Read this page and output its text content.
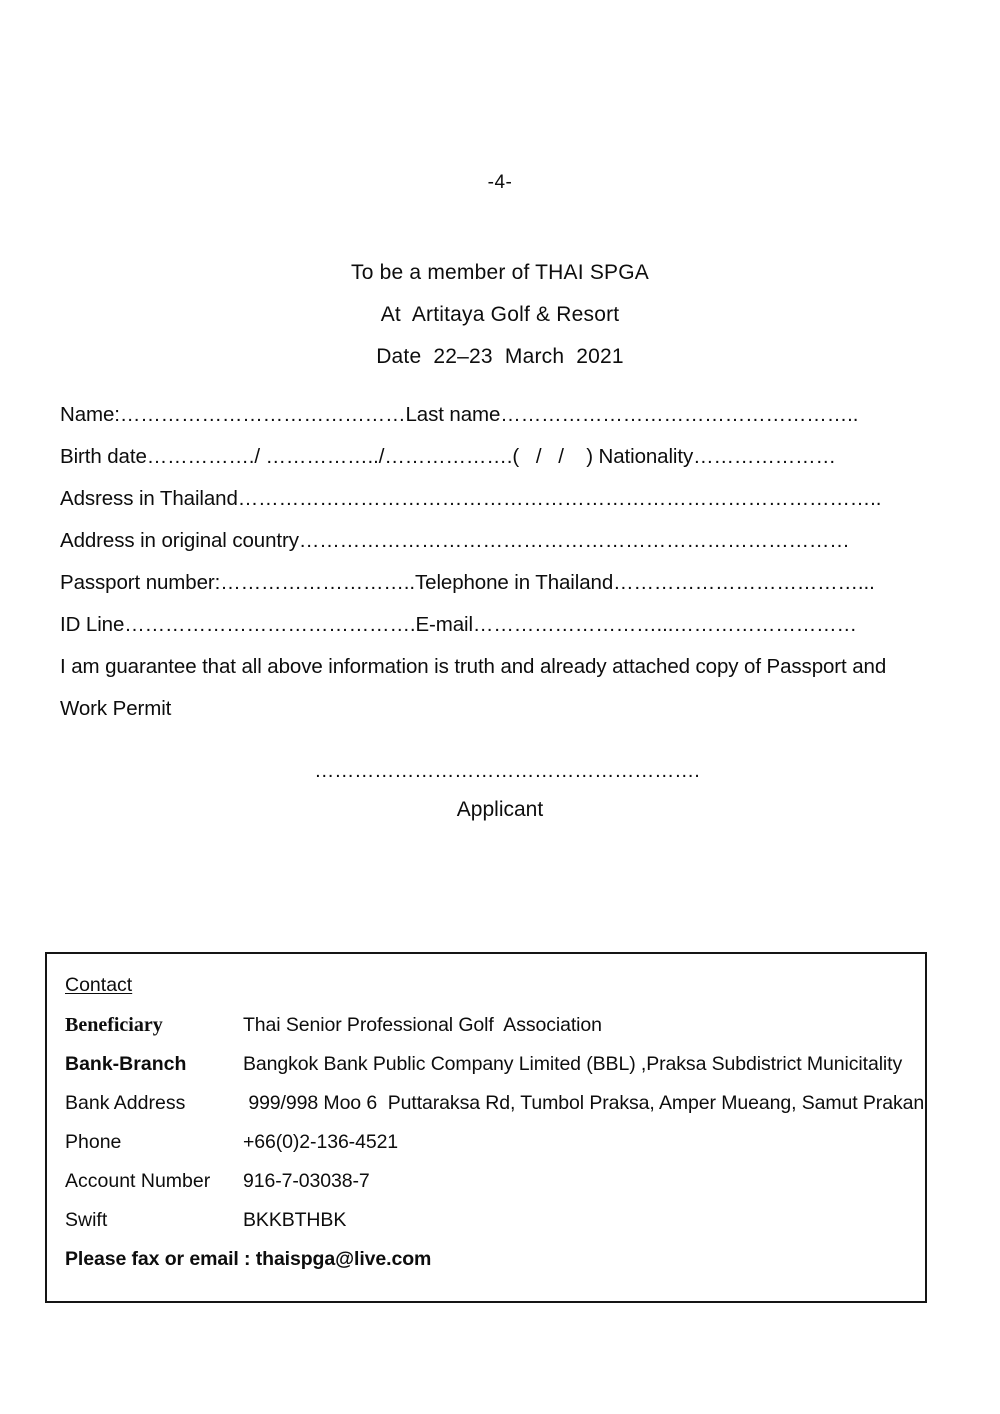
-4-
To be a member of THAI SPGA
At  Artitaya Golf & Resort
Date  22–23  March  2021
Name:……………………………………Last name……………………………………………..
Birth date……………./ ……………../……………….(   /   /    ) Nationality…………………
Adsress in Thailand…………………………………………………………………………………..
Address in original country………………………………………………………………………
Passport number:………………………..Telephone in Thailand………………………………...
ID Line…………………………………….E-mail………………………...………………………
I am guarantee that all above information is truth and already attached copy of Passport and
Work Permit
………………………………………………….
Applicant
Contact
Beneficiary	Thai Senior Professional Golf  Association
Bank-Branch	Bangkok Bank Public Company Limited (BBL) ,Praksa Subdistrict Municitality
Bank Address	999/998 Moo 6  Puttaraksa Rd, Tumbol Praksa, Amper Mueang, Samut Prakan
Phone	+66(0)2-136-4521
Account Number	916-7-03038-7
Swift	BKKBTHBK
Please fax or email : thaispga@live.com
